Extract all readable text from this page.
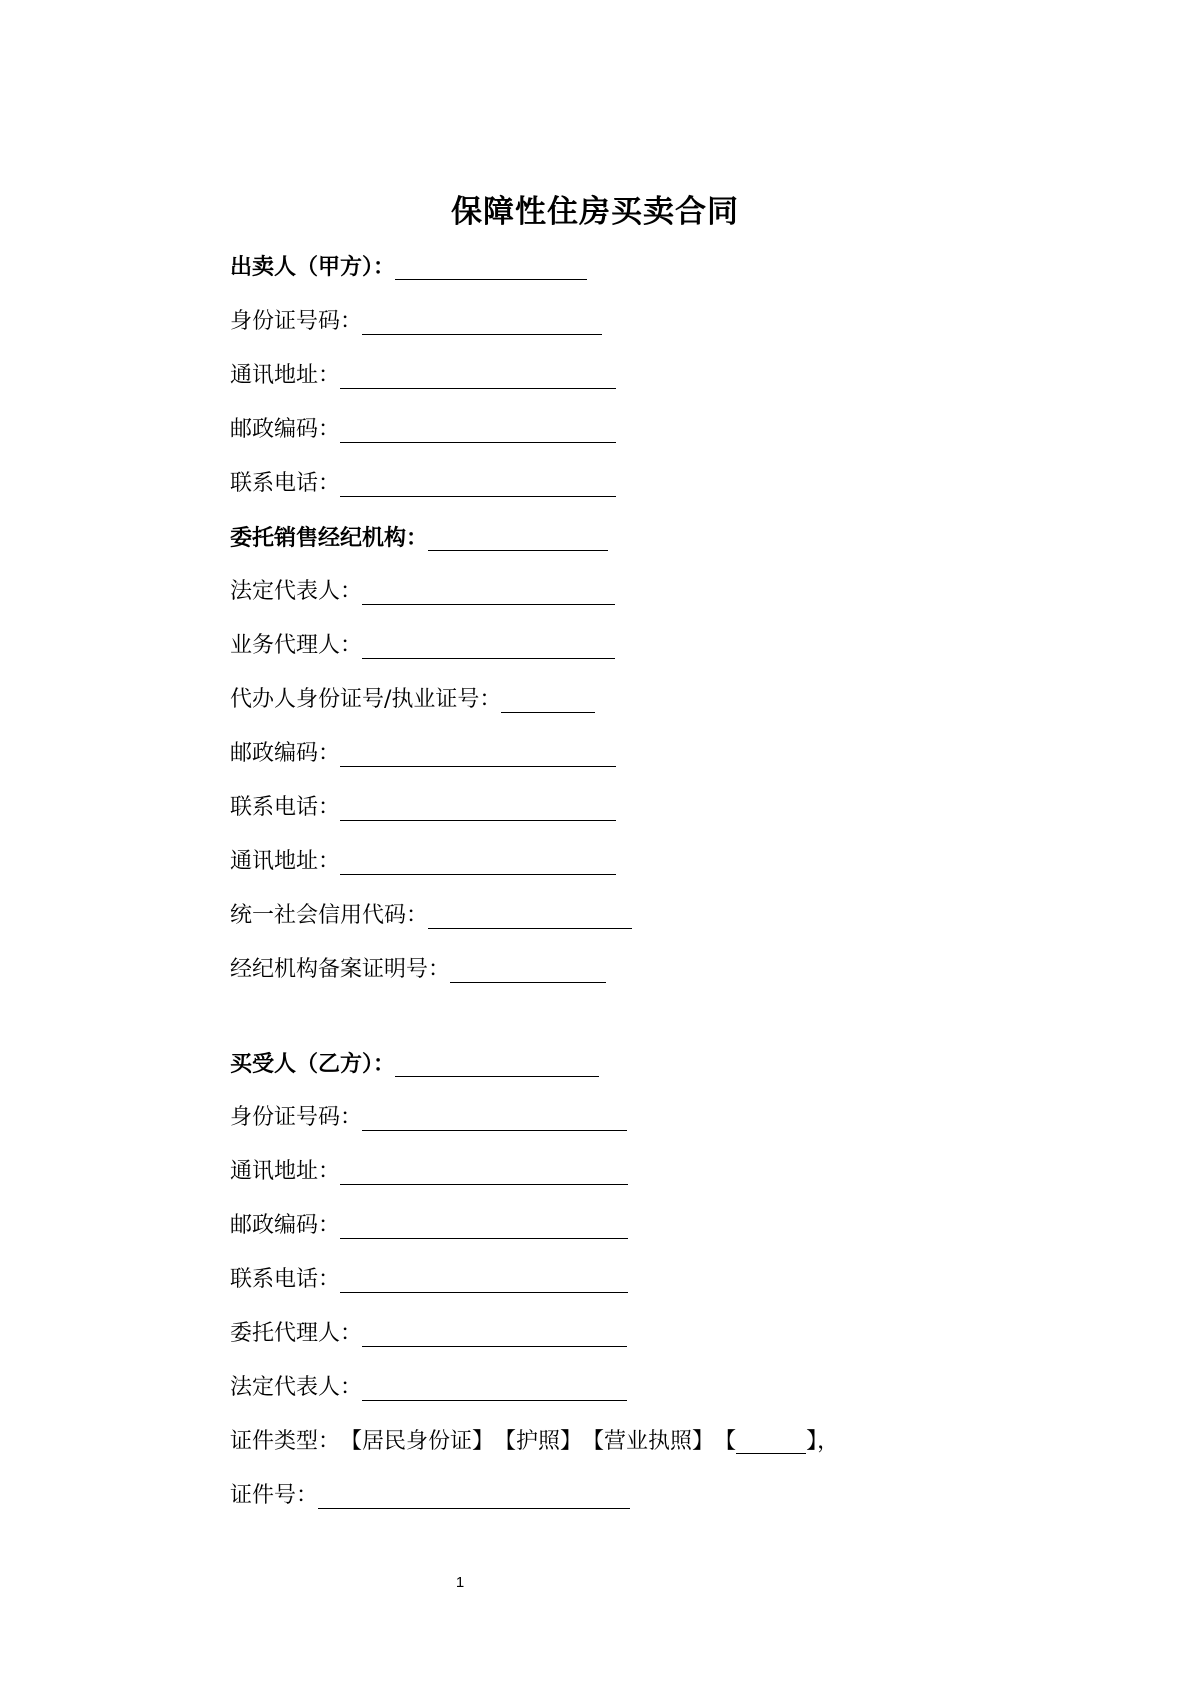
保障性住房买卖合同
出卖人（甲方）：
身份证号码：
通讯地址：
邮政编码：
联系电话：
委托销售经纪机构：
法定代表人：
业务代理人：
代办人身份证号/执业证号：
邮政编码：
联系电话：
通讯地址：
统一社会信用代码：
经纪机构备案证明号：
买受人（乙方）：
身份证号码：
通讯地址：
邮政编码：
联系电话：
委托代理人：
法定代表人：
证件类型： 【居民身份证】【护照】【营业执照】【	】，
证件号：
1
